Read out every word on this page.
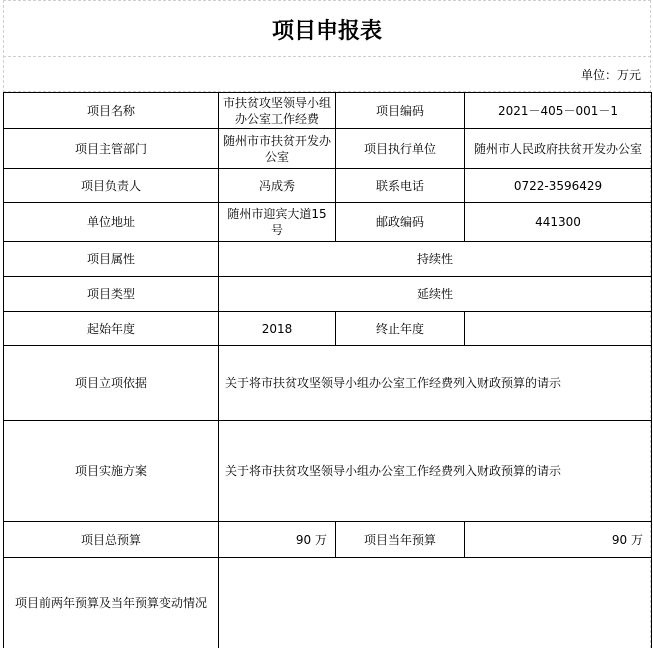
项目申报表
单位：万元
项目名称	市扶贫攻坚领导小组办公室工作经费	项目编码	2021－405－001－1
项目主管部门	随州市市扶贫开发办公室	项目执行单位	随州市人民政府扶贫开发办公室
项目负责人	冯成秀	联系电话	0722-3596429
单位地址	随州市迎宾大道15号	邮政编码	441300
项目属性	持续性		
项目类型	延续性		
起始年度	2018	终止年度	
项目立项依据	关于将市扶贫攻坚领导小组办公室工作经费列入财政预算的请示		
项目实施方案	关于将市扶贫攻坚领导小组办公室工作经费列入财政预算的请示		
项目总预算	90 万	项目当年预算	90 万
项目前两年预算及当年预算变动情况			
